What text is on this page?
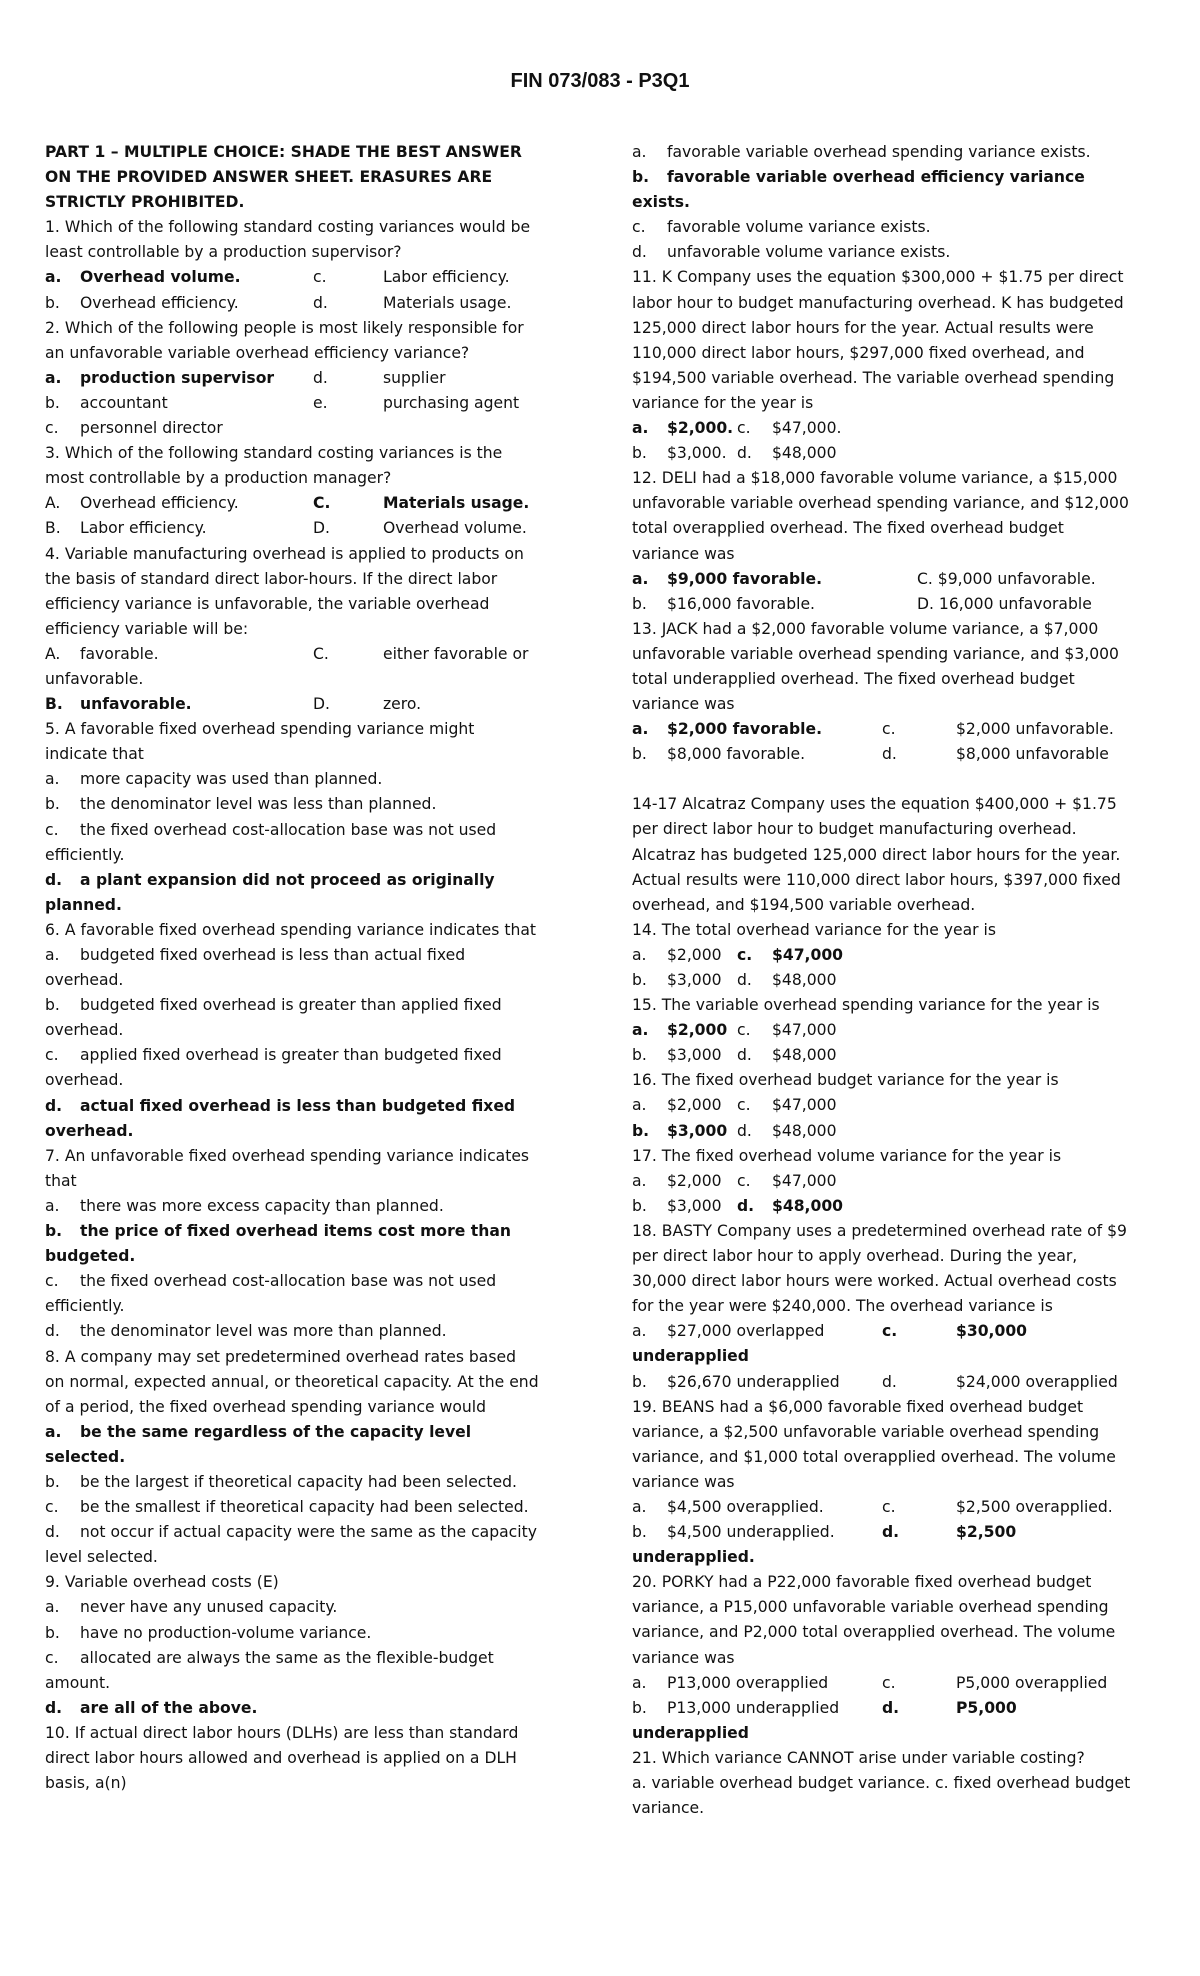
FIN 073/083 - P3Q1
PART 1 – MULTIPLE CHOICE: SHADE THE BEST ANSWER ON THE PROVIDED ANSWER SHEET. ERASURES ARE STRICTLY PROHIBITED.
1. Which of the following standard costing variances would be least controllable by a production supervisor?
a. Overhead volume.	c.	Labor efficiency.
b. Overhead efficiency.	d.	Materials usage.
2. Which of the following people is most likely responsible for an unfavorable variable overhead efficiency variance?
a. production supervisor d.	supplier
b. accountant	e.	purchasing agent
c. personnel director
3. Which of the following standard costing variances is the most controllable by a production manager?
A. Overhead efficiency.	C.	Materials usage.
B. Labor efficiency.	D.	Overhead volume.
4. Variable manufacturing overhead is applied to products on the basis of standard direct labor-hours. If the direct labor efficiency variance is unfavorable, the variable overhead efficiency variable will be:
A. favorable.	C.	either favorable or unfavorable.
B. unfavorable.	D.	zero.
5. A favorable fixed overhead spending variance might indicate that
a. more capacity was used than planned.
b. the denominator level was less than planned.
c. the fixed overhead cost-allocation base was not used efficiently.
d. a plant expansion did not proceed as originally planned.
6. A favorable fixed overhead spending variance indicates that
a. budgeted fixed overhead is less than actual fixed overhead.
b. budgeted fixed overhead is greater than applied fixed overhead.
c. applied fixed overhead is greater than budgeted fixed overhead.
d. actual fixed overhead is less than budgeted fixed overhead.
7. An unfavorable fixed overhead spending variance indicates that
a. there was more excess capacity than planned.
b. the price of fixed overhead items cost more than budgeted.
c. the fixed overhead cost-allocation base was not used efficiently.
d. the denominator level was more than planned.
8. A company may set predetermined overhead rates based on normal, expected annual, or theoretical capacity. At the end of a period, the fixed overhead spending variance would
a. be the same regardless of the capacity level selected.
b. be the largest if theoretical capacity had been selected.
c. be the smallest if theoretical capacity had been selected.
d. not occur if actual capacity were the same as the capacity level selected.
9. Variable overhead costs (E)
a. never have any unused capacity.
b. have no production-volume variance.
c. allocated are always the same as the flexible-budget amount.
d. are all of the above.
10. If actual direct labor hours (DLHs) are less than standard direct labor hours allowed and overhead is applied on a DLH basis, a(n)
a. favorable variable overhead spending variance exists.
b. favorable variable overhead efficiency variance exists.
c. favorable volume variance exists.
d. unfavorable volume variance exists.
11. K Company uses the equation $300,000 + $1.75 per direct labor hour to budget manufacturing overhead. K has budgeted 125,000 direct labor hours for the year. Actual results were 110,000 direct labor hours, $297,000 fixed overhead, and $194,500 variable overhead. The variable overhead spending variance for the year is
a. $2,000. c. $47,000.
b. $3,000. d. $48,000
12. DELI had a $18,000 favorable volume variance, a $15,000 unfavorable variable overhead spending variance, and $12,000 total overapplied overhead. The fixed overhead budget variance was
a. $9,000 favorable.	C. $9,000 unfavorable.
b. $16,000 favorable.	D. 16,000 unfavorable
13. JACK had a $2,000 favorable volume variance, a $7,000 unfavorable variable overhead spending variance, and $3,000 total underapplied overhead. The fixed overhead budget variance was
a. $2,000 favorable.	c.	$2,000 unfavorable.
b. $8,000 favorable.	d.	$8,000 unfavorable
14-17 Alcatraz Company uses the equation $400,000 + $1.75 per direct labor hour to budget manufacturing overhead. Alcatraz has budgeted 125,000 direct labor hours for the year. Actual results were 110,000 direct labor hours, $397,000 fixed overhead, and $194,500 variable overhead.
14. The total overhead variance for the year is
a. $2,000 c. $47,000
b. $3,000 d. $48,000
15. The variable overhead spending variance for the year is
a. $2,000 c. $47,000
b. $3,000 d. $48,000
16. The fixed overhead budget variance for the year is
a. $2,000 c. $47,000
b. $3,000 d. $48,000
17. The fixed overhead volume variance for the year is
a. $2,000 c. $47,000
b. $3,000 d. $48,000
18. BASTY Company uses a predetermined overhead rate of $9 per direct labor hour to apply overhead. During the year, 30,000 direct labor hours were worked. Actual overhead costs for the year were $240,000. The overhead variance is
a. $27,000 overlapped	c.	$30,000 underapplied
b. $26,670 underapplied	d.	$24,000 overapplied
19. BEANS had a $6,000 favorable fixed overhead budget variance, a $2,500 unfavorable variable overhead spending variance, and $1,000 total overapplied overhead. The volume variance was
a. $4,500 overapplied.	c.	$2,500 overapplied.
b. $4,500 underapplied.	d.	$2,500 underapplied.
20. PORKY had a P22,000 favorable fixed overhead budget variance, a P15,000 unfavorable variable overhead spending variance, and P2,000 total overapplied overhead. The volume variance was
a. P13,000 overapplied	c.	P5,000 overapplied
b. P13,000 underapplied	d.	P5,000 underapplied
21. Which variance CANNOT arise under variable costing?
a. variable overhead budget variance. c. fixed overhead budget variance.
